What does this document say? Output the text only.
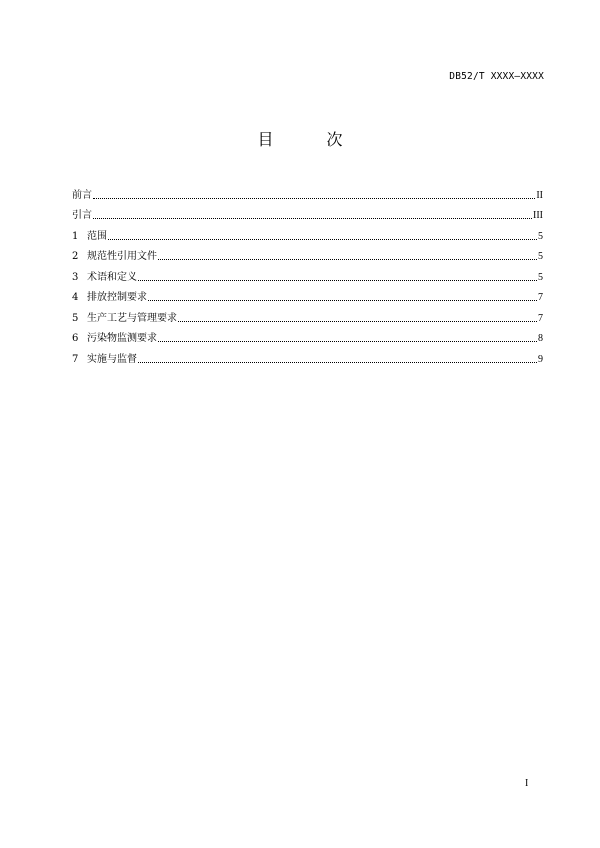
DB52/T XXXX—XXXX
目 次
前言	II
引言	III
1 范围	5
2 规范性引用文件	5
3 术语和定义	5
4 排放控制要求	7
5 生产工艺与管理要求	7
6 污染物监测要求	8
7 实施与监督	9
I
